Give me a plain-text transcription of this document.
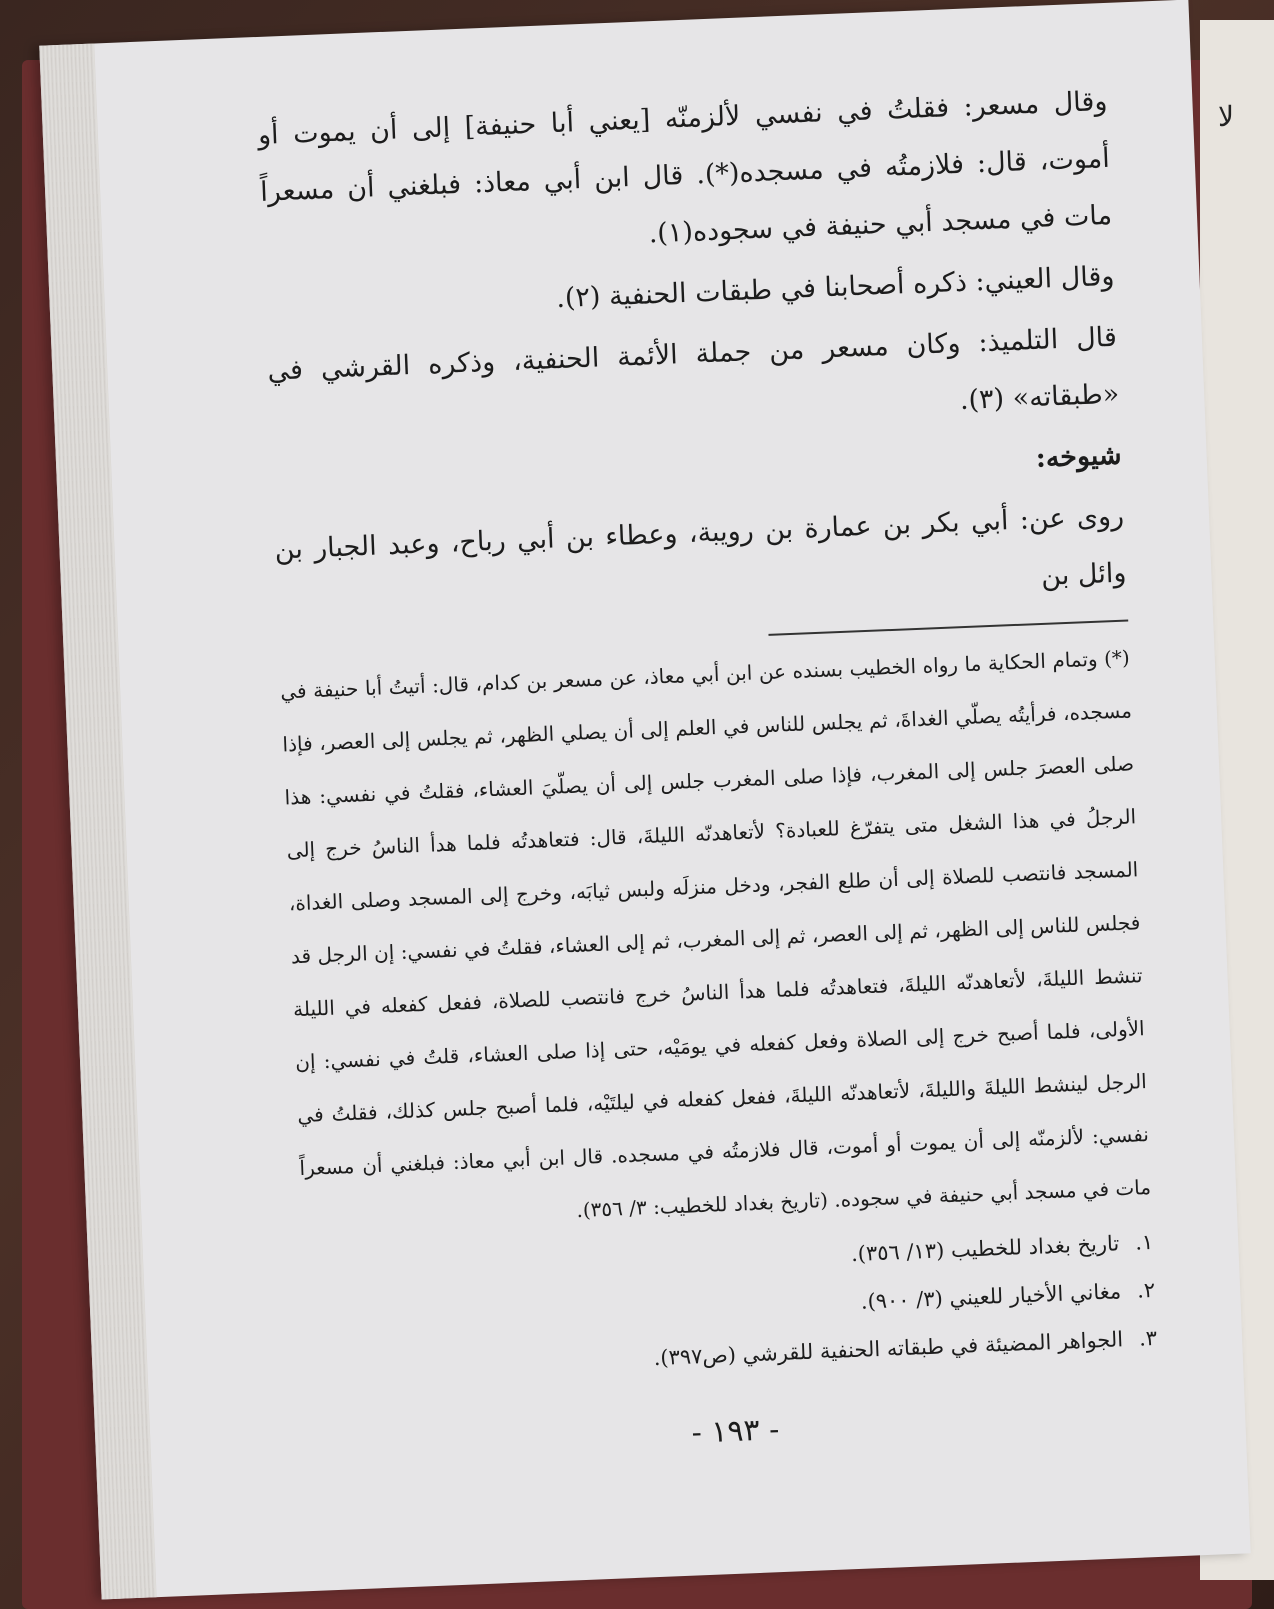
لا

وقال مسعر: فقلتُ في نفسي لألزمنّه [يعني أبا حنيفة] إلى أن يموت أو أموت، قال: فلازمتُه في مسجده(*). قال ابن أبي معاذ: فبلغني أن مسعراً مات في مسجد أبي حنيفة في سجوده(١).

وقال العيني: ذكره أصحابنا في طبقات الحنفية (٢).

قال التلميذ: وكان مسعر من جملة الأئمة الحنفية، وذكره القرشي في «طبقاته» (٣).

شيوخه:

روى عن: أبي بكر بن عمارة بن رويبة، وعطاء بن أبي رباح، وعبد الجبار بن وائل بن

(*) وتمام الحكاية ما رواه الخطيب بسنده عن ابن أبي معاذ، عن مسعر بن كدام، قال: أتيتُ أبا حنيفة في مسجده، فرأيتُه يصلّي الغداةَ، ثم يجلس للناس في العلم إلى أن يصلي الظهر، ثم يجلس إلى العصر، فإذا صلى العصرَ جلس إلى المغرب، فإذا صلى المغرب جلس إلى أن يصلّيَ العشاء، فقلتُ في نفسي: هذا الرجلُ في هذا الشغل متى يتفرّغ للعبادة؟ لأتعاهدنّه الليلةَ، قال: فتعاهدتُه فلما هدأ الناسُ خرج إلى المسجد فانتصب للصلاة إلى أن طلع الفجر، ودخل منزلَه ولبس ثيابَه، وخرج إلى المسجد وصلى الغداة، فجلس للناس إلى الظهر، ثم إلى العصر، ثم إلى المغرب، ثم إلى العشاء، فقلتُ في نفسي: إن الرجل قد تنشط الليلةَ، لأتعاهدنّه الليلةَ، فتعاهدتُه فلما هدأ الناسُ خرج فانتصب للصلاة، ففعل كفعله في الليلة الأولى، فلما أصبح خرج إلى الصلاة وفعل كفعله في يومَيْه، حتى إذا صلى العشاء، قلتُ في نفسي: إن الرجل لينشط الليلةَ والليلةَ، لأتعاهدنّه الليلةَ، ففعل كفعله في ليلتَيْه، فلما أصبح جلس كذلك، فقلتُ في نفسي: لألزمنّه إلى أن يموت أو أموت، قال فلازمتُه في مسجده. قال ابن أبي معاذ: فبلغني أن مسعراً مات في مسجد أبي حنيفة في سجوده. (تاريخ بغداد للخطيب: ٣/ ٣٥٦).

١.
تاريخ بغداد للخطيب (١٣/ ٣٥٦).
٢.
مغاني الأخيار للعيني (٣/ ٩٠٠).
٣.
الجواهر المضيئة في طبقاته الحنفية للقرشي (ص٣٩٧).
- ١٩٣ -
